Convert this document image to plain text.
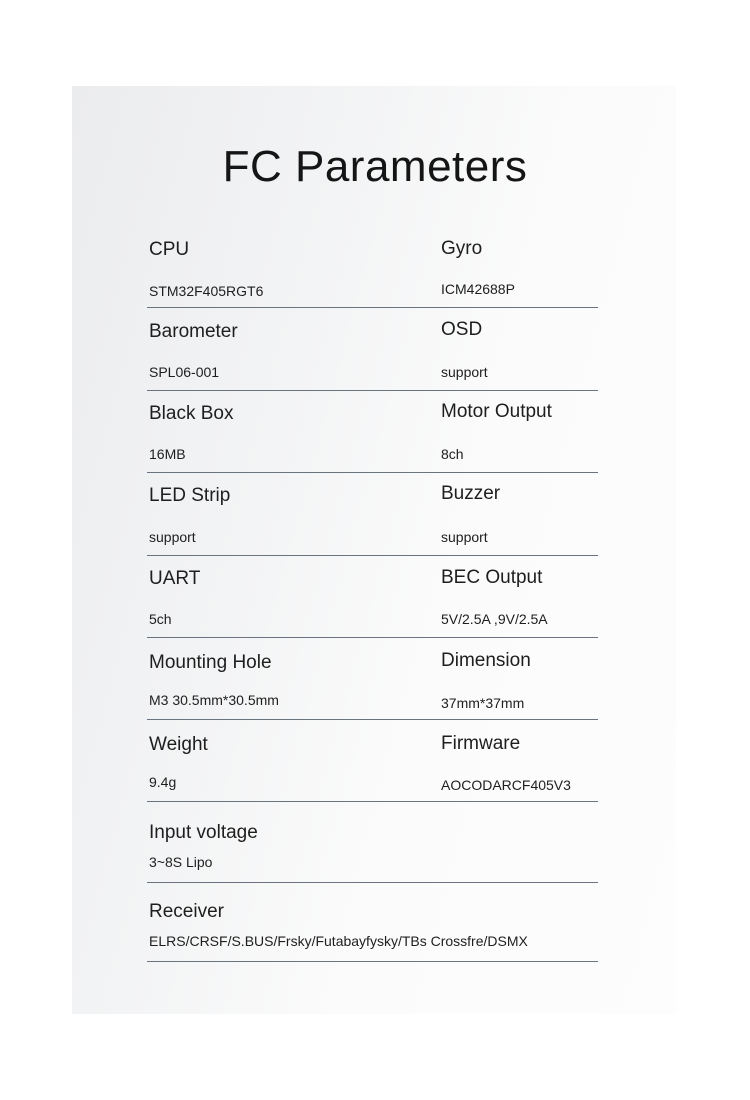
FC Parameters
CPU
STM32F405RGT6
Gyro
ICM42688P
Barometer
SPL06-001
OSD
support
Black Box
16MB
Motor Output
8ch
LED Strip
support
Buzzer
support
UART
5ch
BEC Output
5V/2.5A ,9V/2.5A
Mounting Hole
M3 30.5mm*30.5mm
Dimension
37mm*37mm
Weight
9.4g
Firmware
AOCODARCF405V3
Input voltage
3~8S Lipo
Receiver
ELRS/CRSF/S.BUS/Frsky/Futabayfysky/TBs Crossfre/DSMX
